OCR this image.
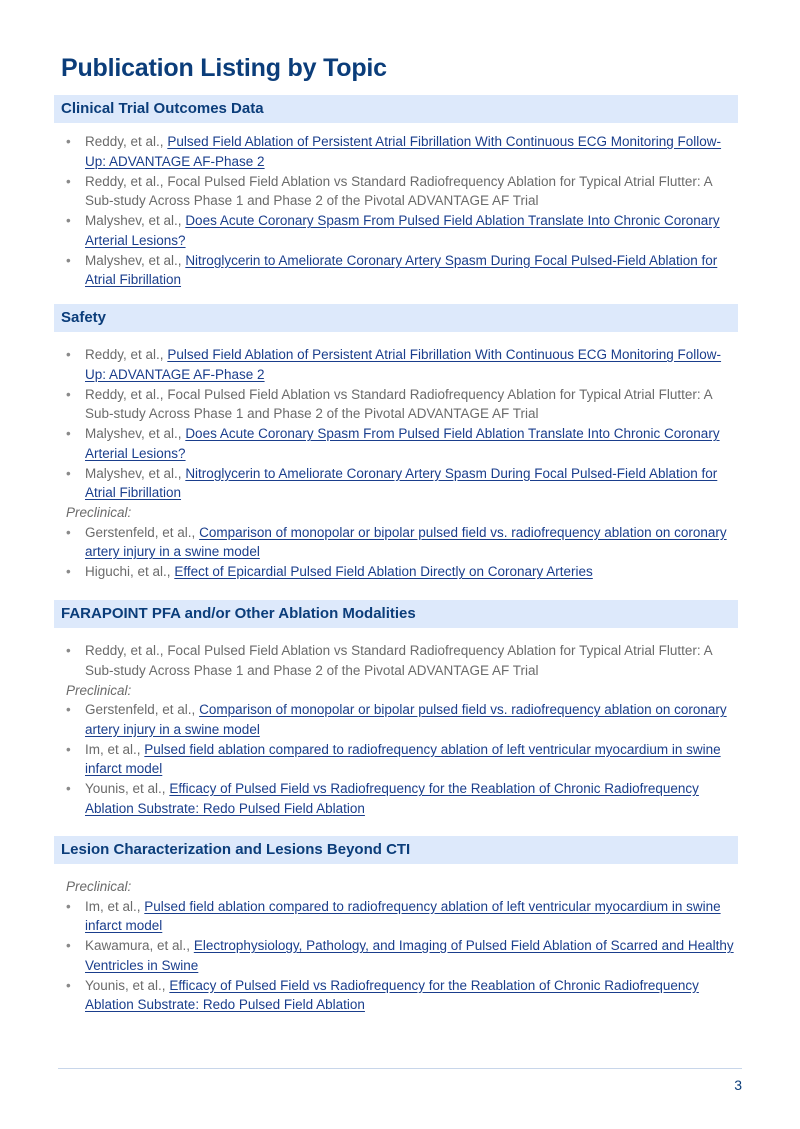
Publication Listing by Topic
Clinical Trial Outcomes Data
• Reddy, et al., Pulsed Field Ablation of Persistent Atrial Fibrillation With Continuous ECG Monitoring Follow-Up: ADVANTAGE AF-Phase 2
• Reddy, et al., Focal Pulsed Field Ablation vs Standard Radiofrequency Ablation for Typical Atrial Flutter: A Sub-study Across Phase 1 and Phase 2 of the Pivotal ADVANTAGE AF Trial
• Malyshev, et al., Does Acute Coronary Spasm From Pulsed Field Ablation Translate Into Chronic Coronary Arterial Lesions?
• Malyshev, et al., Nitroglycerin to Ameliorate Coronary Artery Spasm During Focal Pulsed-Field Ablation for Atrial Fibrillation
Safety
• Reddy, et al., Pulsed Field Ablation of Persistent Atrial Fibrillation With Continuous ECG Monitoring Follow-Up: ADVANTAGE AF-Phase 2
• Reddy, et al., Focal Pulsed Field Ablation vs Standard Radiofrequency Ablation for Typical Atrial Flutter: A Sub-study Across Phase 1 and Phase 2 of the Pivotal ADVANTAGE AF Trial
• Malyshev, et al., Does Acute Coronary Spasm From Pulsed Field Ablation Translate Into Chronic Coronary Arterial Lesions?
• Malyshev, et al., Nitroglycerin to Ameliorate Coronary Artery Spasm During Focal Pulsed-Field Ablation for Atrial Fibrillation
Preclinical:
• Gerstenfeld, et al., Comparison of monopolar or bipolar pulsed field vs. radiofrequency ablation on coronary artery injury in a swine model
• Higuchi, et al., Effect of Epicardial Pulsed Field Ablation Directly on Coronary Arteries
FARAPOINT PFA and/or Other Ablation Modalities
• Reddy, et al., Focal Pulsed Field Ablation vs Standard Radiofrequency Ablation for Typical Atrial Flutter: A Sub-study Across Phase 1 and Phase 2 of the Pivotal ADVANTAGE AF Trial
Preclinical:
• Gerstenfeld, et al., Comparison of monopolar or bipolar pulsed field vs. radiofrequency ablation on coronary artery injury in a swine model
• Im, et al., Pulsed field ablation compared to radiofrequency ablation of left ventricular myocardium in swine infarct model
• Younis, et al., Efficacy of Pulsed Field vs Radiofrequency for the Reablation of Chronic Radiofrequency Ablation Substrate: Redo Pulsed Field Ablation
Lesion Characterization and Lesions Beyond CTI
Preclinical:
• Im, et al., Pulsed field ablation compared to radiofrequency ablation of left ventricular myocardium in swine infarct model
• Kawamura, et al., Electrophysiology, Pathology, and Imaging of Pulsed Field Ablation of Scarred and Healthy Ventricles in Swine
• Younis, et al., Efficacy of Pulsed Field vs Radiofrequency for the Reablation of Chronic Radiofrequency Ablation Substrate: Redo Pulsed Field Ablation
3
